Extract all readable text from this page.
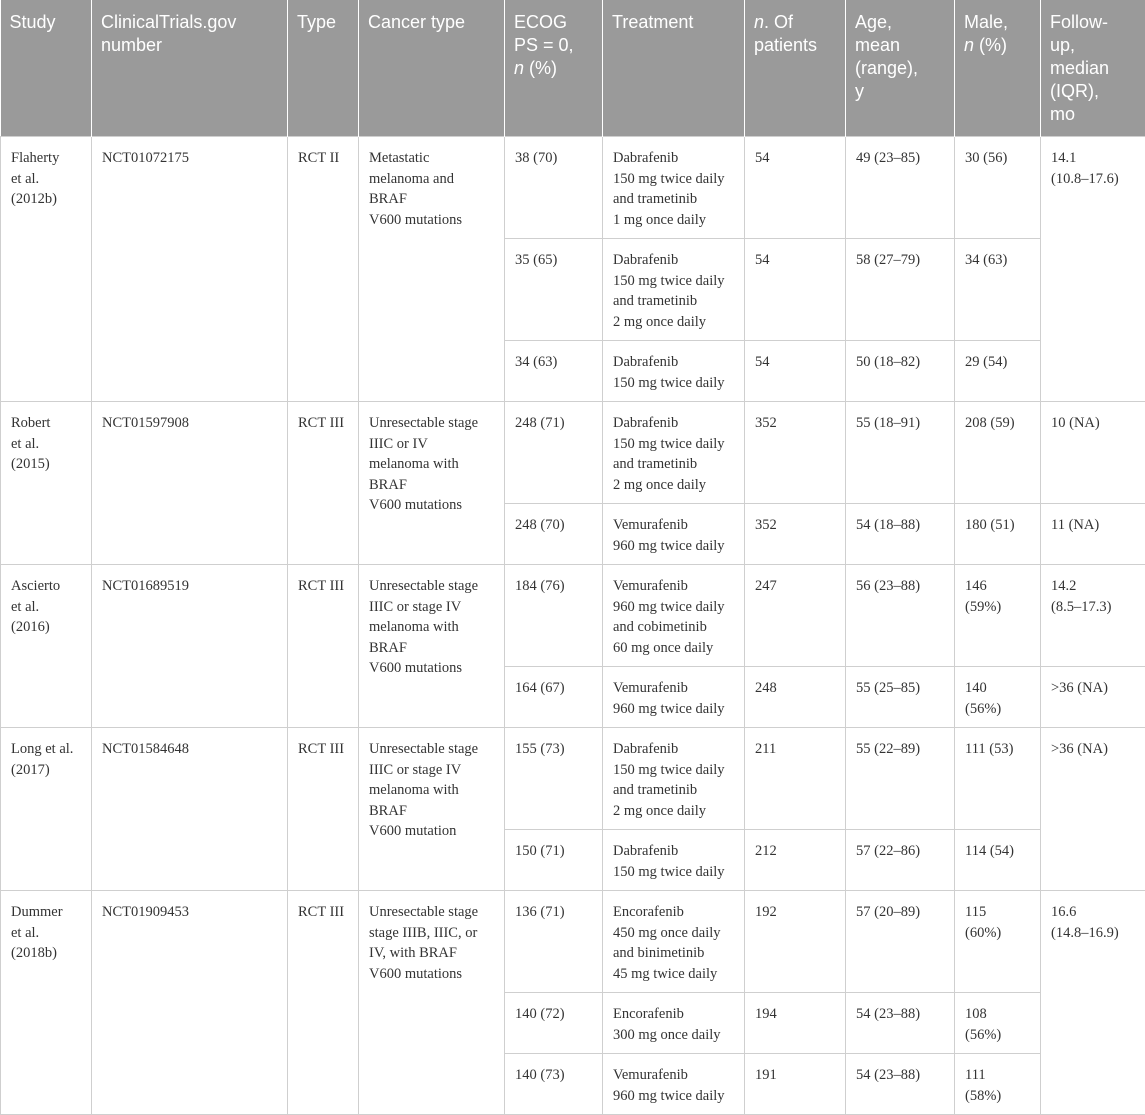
Study	ClinicalTrials.gov
number	Type	Cancer type	ECOG
PS = 0,
n (%)	Treatment	n. Of patients	Age,
mean
(range),
y	Male,
n (%)	Follow-
up,
median
(IQR),
mo

Flaherty
et al.
(2012b)	NCT01072175	RCT II	Metastatic
melanoma and
BRAF
V600 mutations	38 (70)	Dabrafenib
150 mg twice daily
and trametinib
1 mg once daily	54	49 (23–85)	30 (56)	14.1
(10.8–17.6)

				35 (65)	Dabrafenib
150 mg twice daily
and trametinib
2 mg once daily	54	58 (27–79)	34 (63)	

				34 (63)	Dabrafenib
150 mg twice daily	54	50 (18–82)	29 (54)	

Robert
et al.
(2015)	NCT01597908	RCT III	Unresectable stage
IIIC or IV
melanoma with
BRAF
V600 mutations	248 (71)	Dabrafenib
150 mg twice daily
and trametinib
2 mg once daily	352	55 (18–91)	208 (59)	10 (NA)

				248 (70)	Vemurafenib
960 mg twice daily	352	54 (18–88)	180 (51)	11 (NA)

Ascierto
et al.
(2016)	NCT01689519	RCT III	Unresectable stage
IIIC or stage IV
melanoma with
BRAF
V600 mutations	184 (76)	Vemurafenib
960 mg twice daily
and cobimetinib
60 mg once daily	247	56 (23–88)	146
(59%)	14.2
(8.5–17.3)

				164 (67)	Vemurafenib
960 mg twice daily	248	55 (25–85)	140
(56%)	>36 (NA)

Long et al.
(2017)	NCT01584648	RCT III	Unresectable stage
IIIC or stage IV
melanoma with
BRAF
V600 mutation	155 (73)	Dabrafenib
150 mg twice daily
and trametinib
2 mg once daily	211	55 (22–89)	111 (53)	>36 (NA)

				150 (71)	Dabrafenib
150 mg twice daily	212	57 (22–86)	114 (54)	

Dummer
et al.
(2018b)	NCT01909453	RCT III	Unresectable stage
stage IIIB, IIIC, or
IV, with BRAF
V600 mutations	136 (71)	Encorafenib
450 mg once daily
and binimetinib
45 mg twice daily	192	57 (20–89)	115
(60%)	16.6
(14.8–16.9)

				140 (72)	Encorafenib
300 mg once daily	194	54 (23–88)	108
(56%)	

				140 (73)	Vemurafenib
960 mg twice daily	191	54 (23–88)	111
(58%)	
